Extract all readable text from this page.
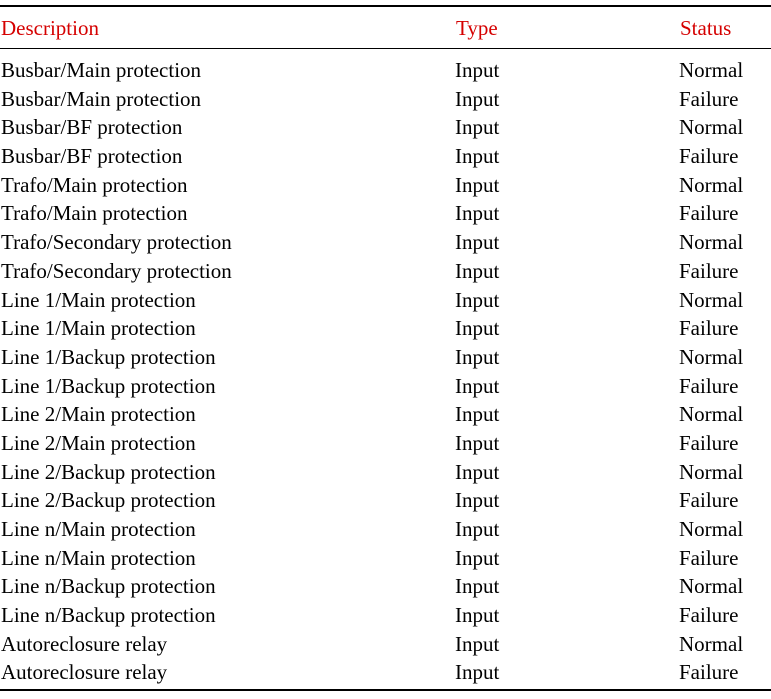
Description	Type	Status
Busbar/Main protection	Input	Normal
Busbar/Main protection	Input	Failure
Busbar/BF protection	Input	Normal
Busbar/BF protection	Input	Failure
Trafo/Main protection	Input	Normal
Trafo/Main protection	Input	Failure
Trafo/Secondary protection	Input	Normal
Trafo/Secondary protection	Input	Failure
Line 1/Main protection	Input	Normal
Line 1/Main protection	Input	Failure
Line 1/Backup protection	Input	Normal
Line 1/Backup protection	Input	Failure
Line 2/Main protection	Input	Normal
Line 2/Main protection	Input	Failure
Line 2/Backup protection	Input	Normal
Line 2/Backup protection	Input	Failure
Line n/Main protection	Input	Normal
Line n/Main protection	Input	Failure
Line n/Backup protection	Input	Normal
Line n/Backup protection	Input	Failure
Autoreclosure relay	Input	Normal
Autoreclosure relay	Input	Failure
